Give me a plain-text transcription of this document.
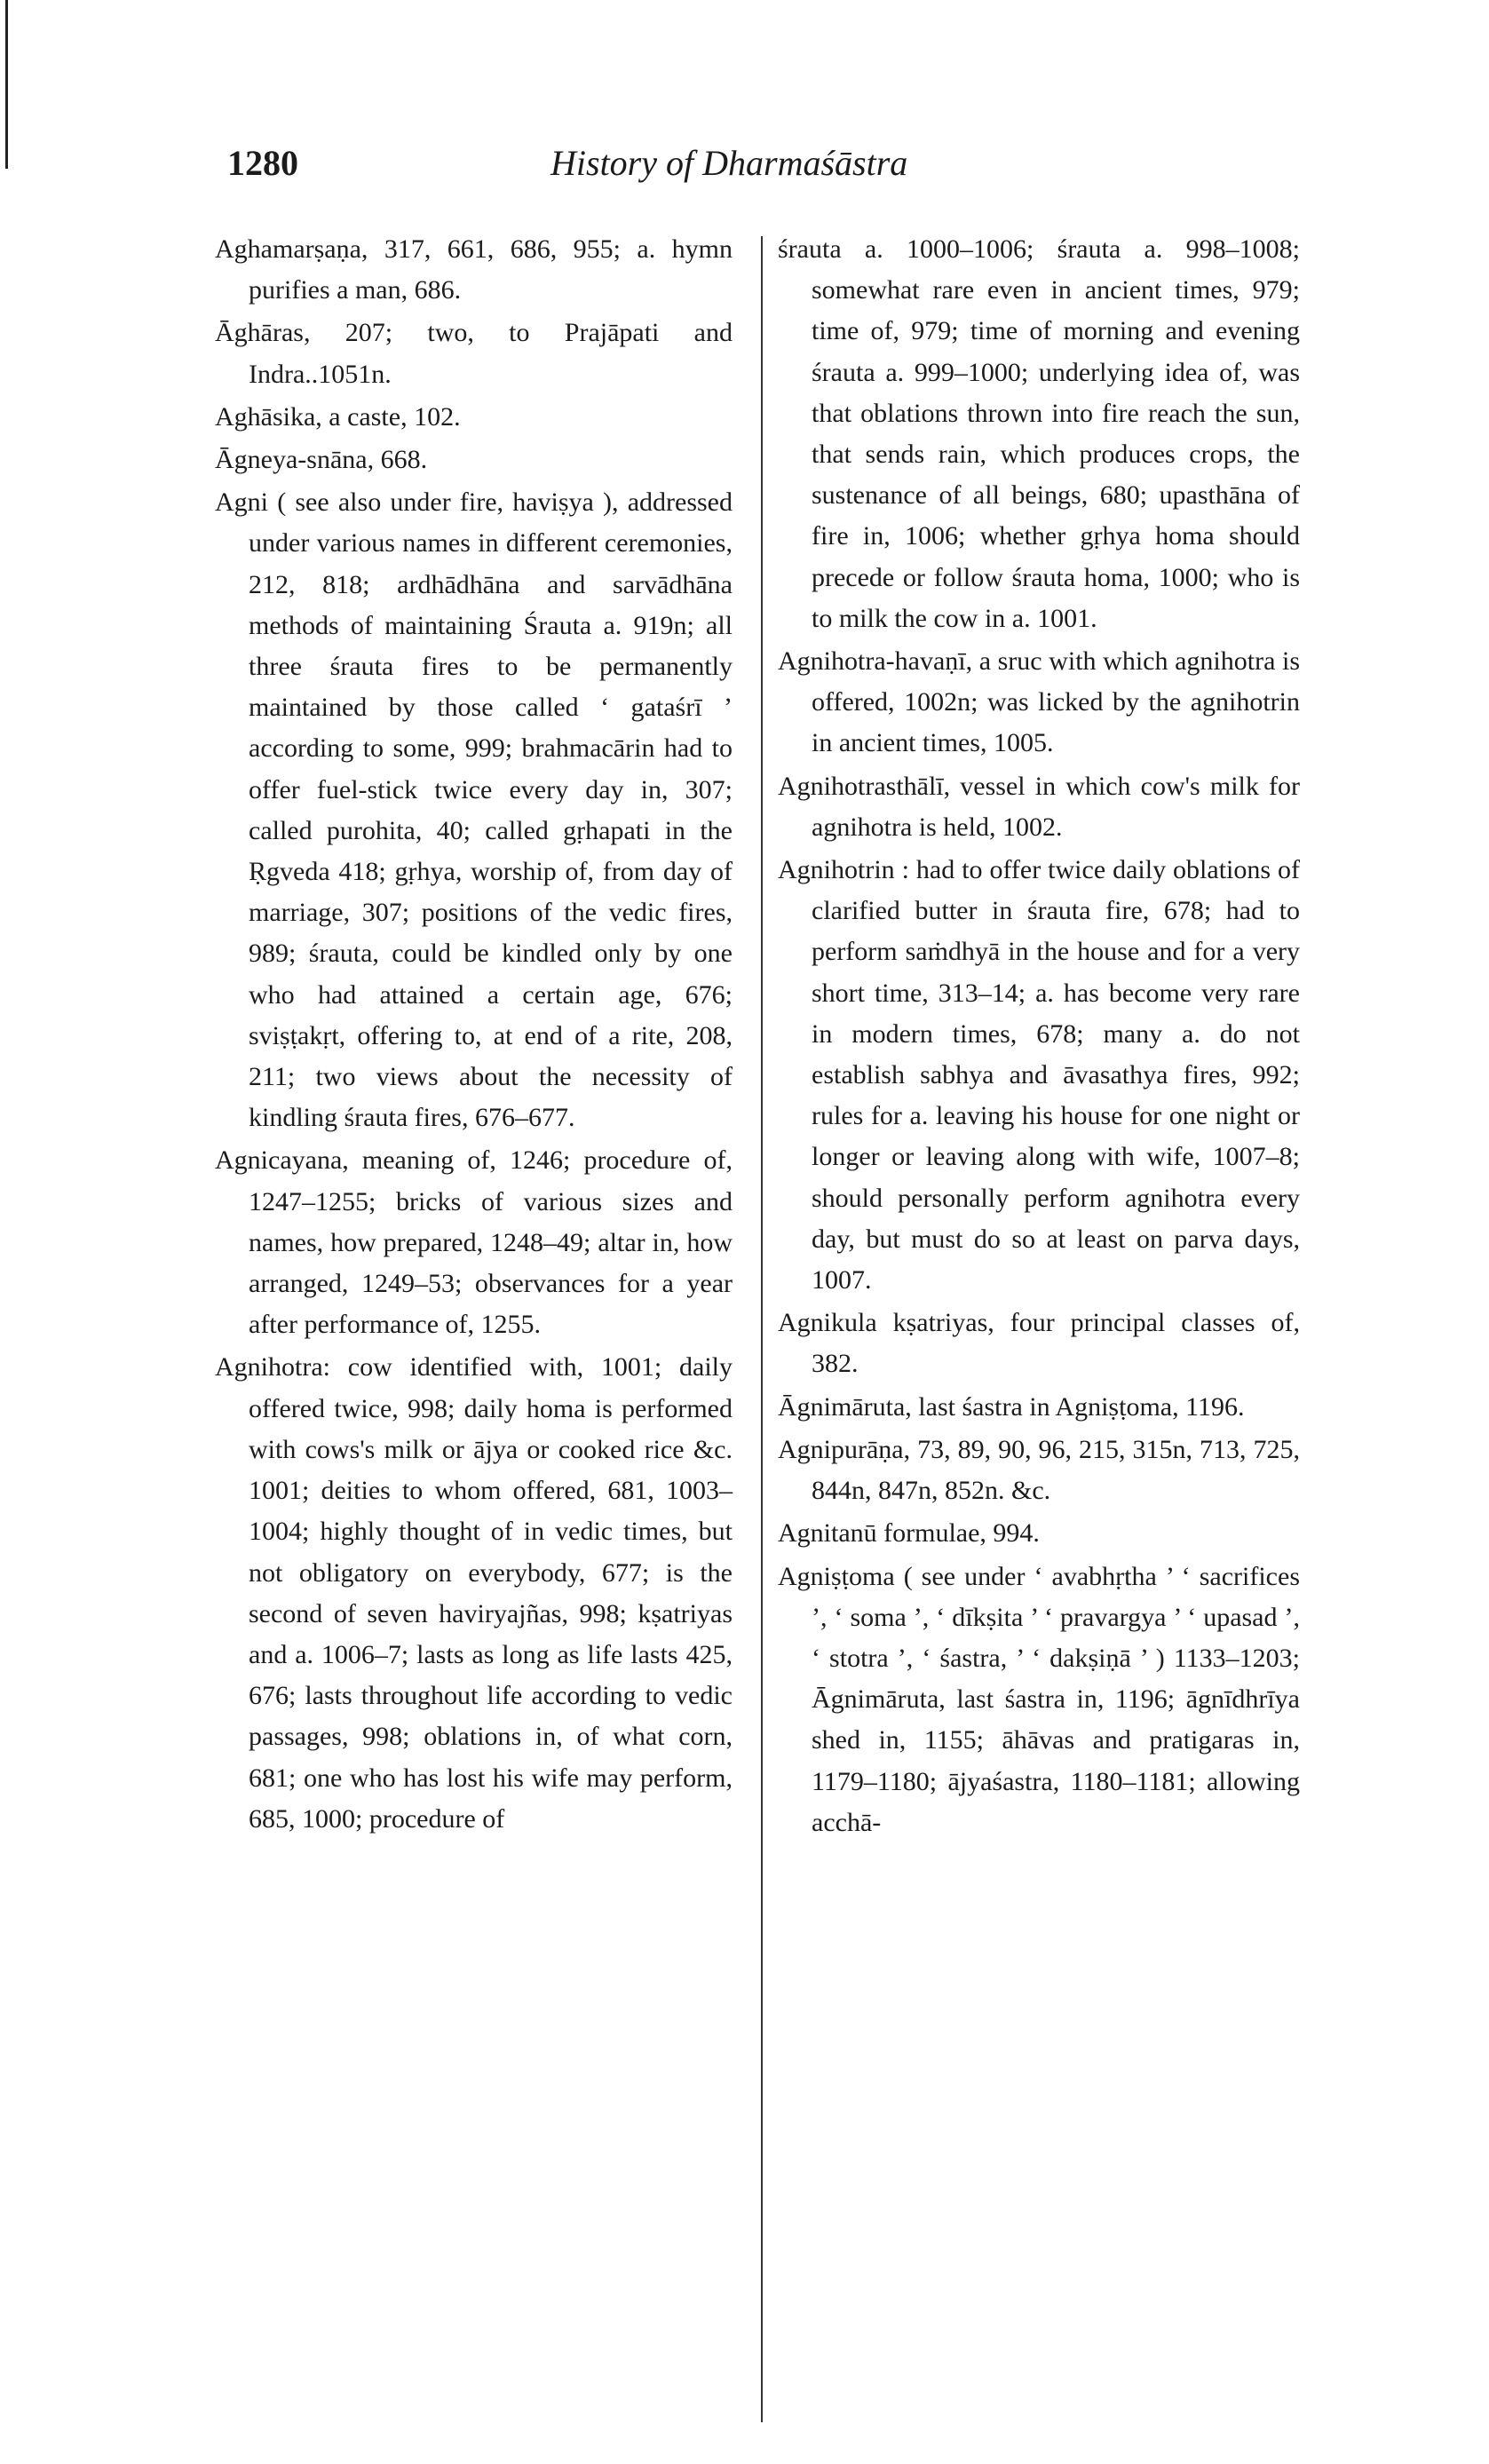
1280	History of Dharmaśāstra

Aghamarṣaṇa, 317, 661, 686, 955; a. hymn purifies a man, 686.

Āghāras, 207; two, to Prajāpati and Indra..1051n.

Aghāsika, a caste, 102.

Āgneya-snāna, 668.

Agni ( see also under fire, haviṣya ), addressed under various names in different ceremonies, 212, 818; ardhādhāna and sarvādhāna methods of maintaining Śrauta a. 919n; all three śrauta fires to be permanently maintained by those called ‘ gataśrī ’ according to some, 999; brahmacārin had to offer fuel-stick twice every day in, 307; called purohita, 40; called gṛhapati in the Ṛgveda 418; gṛhya, worship of, from day of marriage, 307; positions of the vedic fires, 989; śrauta, could be kindled only by one who had attained a certain age, 676; sviṣṭakṛt, offering to, at end of a rite, 208, 211; two views about the necessity of kindling śrauta fires, 676–677.

Agnicayana, meaning of, 1246; procedure of, 1247–1255; bricks of various sizes and names, how prepared, 1248–49; altar in, how arranged, 1249–53; observances for a year after performance of, 1255.

Agnihotra: cow identified with, 1001; daily offered twice, 998; daily homa is performed with cows's milk or ājya or cooked rice &c. 1001; deities to whom offered, 681, 1003–1004; highly thought of in vedic times, but not obligatory on everybody, 677; is the second of seven haviryajñas, 998; kṣatriyas and a. 1006–7; lasts as long as life lasts 425, 676; lasts throughout life according to vedic passages, 998; oblations in, of what corn, 681; one who has lost his wife may perform, 685, 1000; procedure of

śrauta a. 1000–1006; śrauta a. 998–1008; somewhat rare even in ancient times, 979; time of, 979; time of morning and evening śrauta a. 999–1000; underlying idea of, was that oblations thrown into fire reach the sun, that sends rain, which produces crops, the sustenance of all beings, 680; upasthāna of fire in, 1006; whether gṛhya homa should precede or follow śrauta homa, 1000; who is to milk the cow in a. 1001.

Agnihotra-havaṇī, a sruc with which agnihotra is offered, 1002n; was licked by the agnihotrin in ancient times, 1005.

Agnihotrasthālī, vessel in which cow's milk for agnihotra is held, 1002.

Agnihotrin : had to offer twice daily oblations of clarified butter in śrauta fire, 678; had to perform saṁdhyā in the house and for a very short time, 313–14; a. has become very rare in modern times, 678; many a. do not establish sabhya and āvasathya fires, 992; rules for a. leaving his house for one night or longer or leaving along with wife, 1007–8; should personally perform agnihotra every day, but must do so at least on parva days, 1007.

Agnikula kṣatriyas, four principal classes of, 382.

Āgnimāruta, last śastra in Agniṣṭoma, 1196.

Agnipurāṇa, 73, 89, 90, 96, 215, 315n, 713, 725, 844n, 847n, 852n. &c.

Agnitanū formulae, 994.

Agniṣṭoma ( see under ‘ avabhṛtha ’ ‘ sacrifices ’, ‘ soma ’, ‘ dīkṣita ’ ‘ pravargya ’ ‘ upasad ’, ‘ stotra ’, ‘ śastra, ’ ‘ dakṣiṇā ’ ) 1133–1203; Āgnimāruta, last śastra in, 1196; āgnīdhrīya shed in, 1155; āhāvas and pratigaras in, 1179–1180; ājyaśastra, 1180–1181; allowing acchā-
